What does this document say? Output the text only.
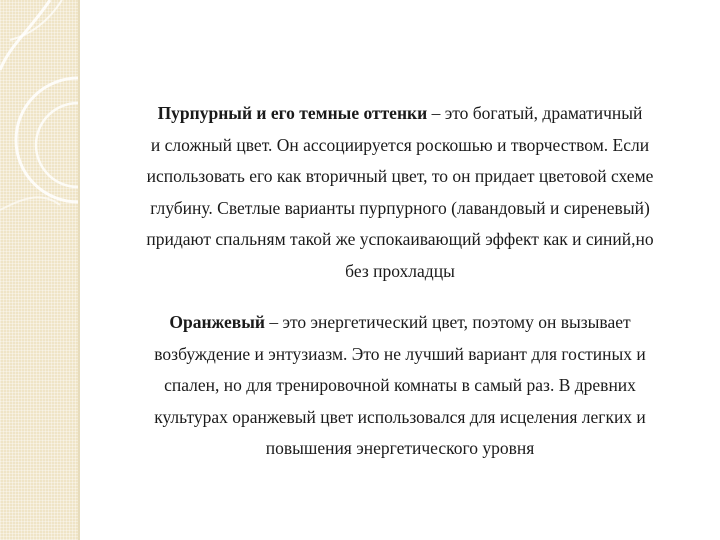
Пурпурный и его темные оттенки – это богатый, драматичный
и сложный цвет. Он ассоциируется роскошью и творчеством. Если
использовать его как вторичный цвет, то он придает цветовой схеме
глубину. Светлые варианты пурпурного (лавандовый и сиреневый)
придают спальням такой же успокаивающий эффект как и синий,но
без прохладцы

Оранжевый – это энергетический цвет, поэтому он вызывает
возбуждение и энтузиазм. Это не лучший вариант для гостиных и
спален, но для тренировочной комнаты в самый раз. В древних
культурах оранжевый цвет использовался для исцеления легких и
повышения энергетического уровня
